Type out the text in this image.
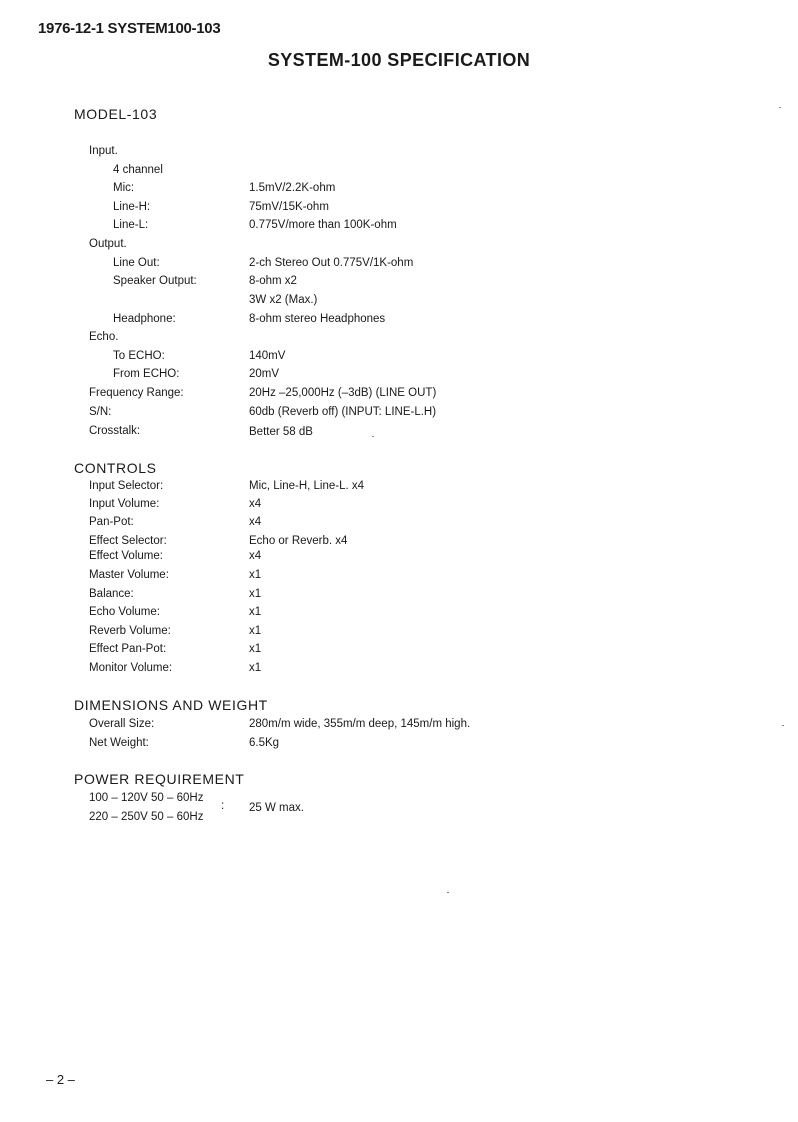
1976-12-1 SYSTEM100-103
SYSTEM-100 SPECIFICATION
MODEL-103
Input.
4 channel
Mic:	1.5mV/2.2K-ohm
Line-H:	75mV/15K-ohm
Line-L:	0.775V/more than 100K-ohm
Output.
Line Out:	2-ch Stereo Out 0.775V/1K-ohm
Speaker Output:	8-ohm x2
3W x2 (Max.)
Headphone:	8-ohm stereo Headphones
Echo.
To ECHO:	140mV
From ECHO:	20mV
Frequency Range:	20Hz –25,000Hz (–3dB) (LINE OUT)
S/N:	60db (Reverb off) (INPUT: LINE-L.H)
Crosstalk:	Better 58 dB
CONTROLS
Input Selector:	Mic, Line-H, Line-L. x4
Input Volume:	x4
Pan-Pot:	x4
Effect Selector:	Echo or Reverb. x4
Effect Volume:	x4
Master Volume:	x1
Balance:	x1
Echo Volume:	x1
Reverb Volume:	x1
Effect Pan-Pot:	x1
Monitor Volume:	x1
DIMENSIONS AND WEIGHT
Overall Size:	280m/m wide, 355m/m deep, 145m/m high.
Net Weight:	6.5Kg
POWER REQUIREMENT
100 – 120V 50 – 60Hz
220 – 250V 50 – 60Hz
: 25 W max.
– 2 –
